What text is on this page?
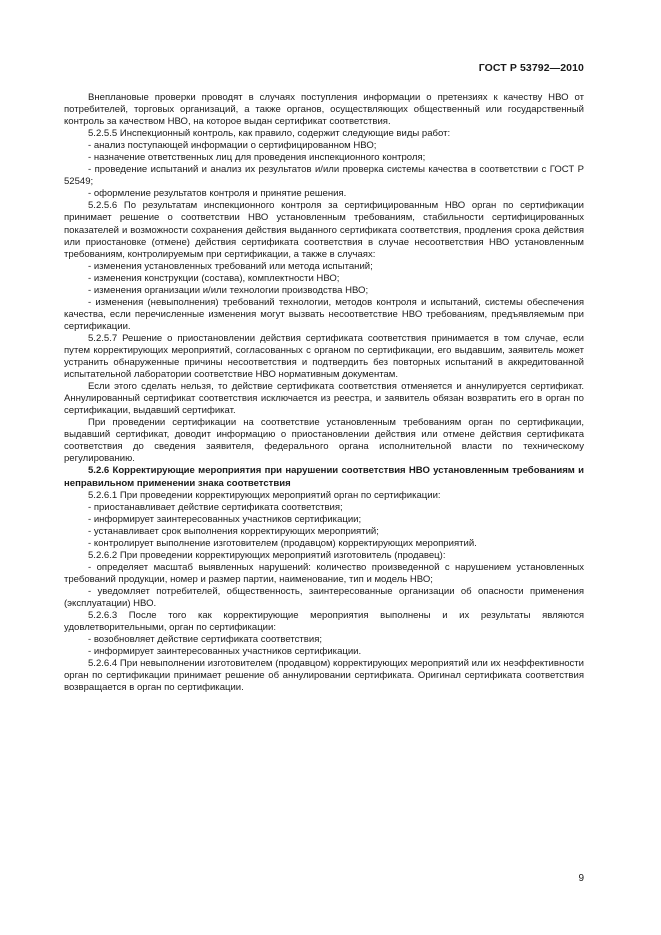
ГОСТ Р 53792—2010

Внеплановые проверки проводят в случаях поступления информации о претензиях к качеству НВО от потребителей, торговых организаций, а также органов, осуществляющих общественный или государственный контроль за качеством НВО, на которое выдан сертификат соответствия.

5.2.5.5 Инспекционный контроль, как правило, содержит следующие виды работ:

- анализ поступающей информации о сертифицированном НВО;

- назначение ответственных лиц для проведения инспекционного контроля;

- проведение испытаний и анализ их результатов и/или проверка системы качества в соответствии с ГОСТ Р 52549;

- оформление результатов контроля и принятие решения.

5.2.5.6 По результатам инспекционного контроля за сертифицированным НВО орган по сертификации принимает решение о соответствии НВО установленным требованиям, стабильности сертифицированных показателей и возможности сохранения действия выданного сертификата соответствия, продления срока действия или приостановке (отмене) действия сертификата соответствия в случае несоответствия НВО установленным требованиям, контролируемым при сертификации, а также в случаях:

- изменения установленных требований или метода испытаний;

- изменения конструкции (состава), комплектности НВО;

- изменения организации и/или технологии производства НВО;

- изменения (невыполнения) требований технологии, методов контроля и испытаний, системы обеспечения качества, если перечисленные изменения могут вызвать несоответствие НВО требованиям, предъявляемым при сертификации.

5.2.5.7 Решение о приостановлении действия сертификата соответствия принимается в том случае, если путем корректирующих мероприятий, согласованных с органом по сертификации, его выдавшим, заявитель может устранить обнаруженные причины несоответствия и подтвердить без повторных испытаний в аккредитованной испытательной лаборатории соответствие НВО нормативным документам.

Если этого сделать нельзя, то действие сертификата соответствия отменяется и аннулируется сертификат. Аннулированный сертификат соответствия исключается из реестра, и заявитель обязан возвратить его в орган по сертификации, выдавший сертификат.

При проведении сертификации на соответствие установленным требованиям орган по сертификации, выдавший сертификат, доводит информацию о приостановлении действия или отмене действия сертификата соответствия до сведения заявителя, федерального органа исполнительной власти по техническому регулированию.

5.2.6 Корректирующие мероприятия при нарушении соответствия НВО установленным требованиям и неправильном применении знака соответствия

5.2.6.1 При проведении корректирующих мероприятий орган по сертификации:

- приостанавливает действие сертификата соответствия;

- информирует заинтересованных участников сертификации;

- устанавливает срок выполнения корректирующих мероприятий;

- контролирует выполнение изготовителем (продавцом) корректирующих мероприятий.

5.2.6.2 При проведении корректирующих мероприятий изготовитель (продавец):

- определяет масштаб выявленных нарушений: количество произведенной с нарушением установленных требований продукции, номер и размер партии, наименование, тип и модель НВО;

- уведомляет потребителей, общественность, заинтересованные организации об опасности применения (эксплуатации) НВО.

5.2.6.3 После того как корректирующие мероприятия выполнены и их результаты являются удовлетворительными, орган по сертификации:

- возобновляет действие сертификата соответствия;

- информирует заинтересованных участников сертификации.

5.2.6.4 При невыполнении изготовителем (продавцом) корректирующих мероприятий или их неэффективности орган по сертификации принимает решение об аннулировании сертификата. Оригинал сертификата соответствия возвращается в орган по сертификации.

9
